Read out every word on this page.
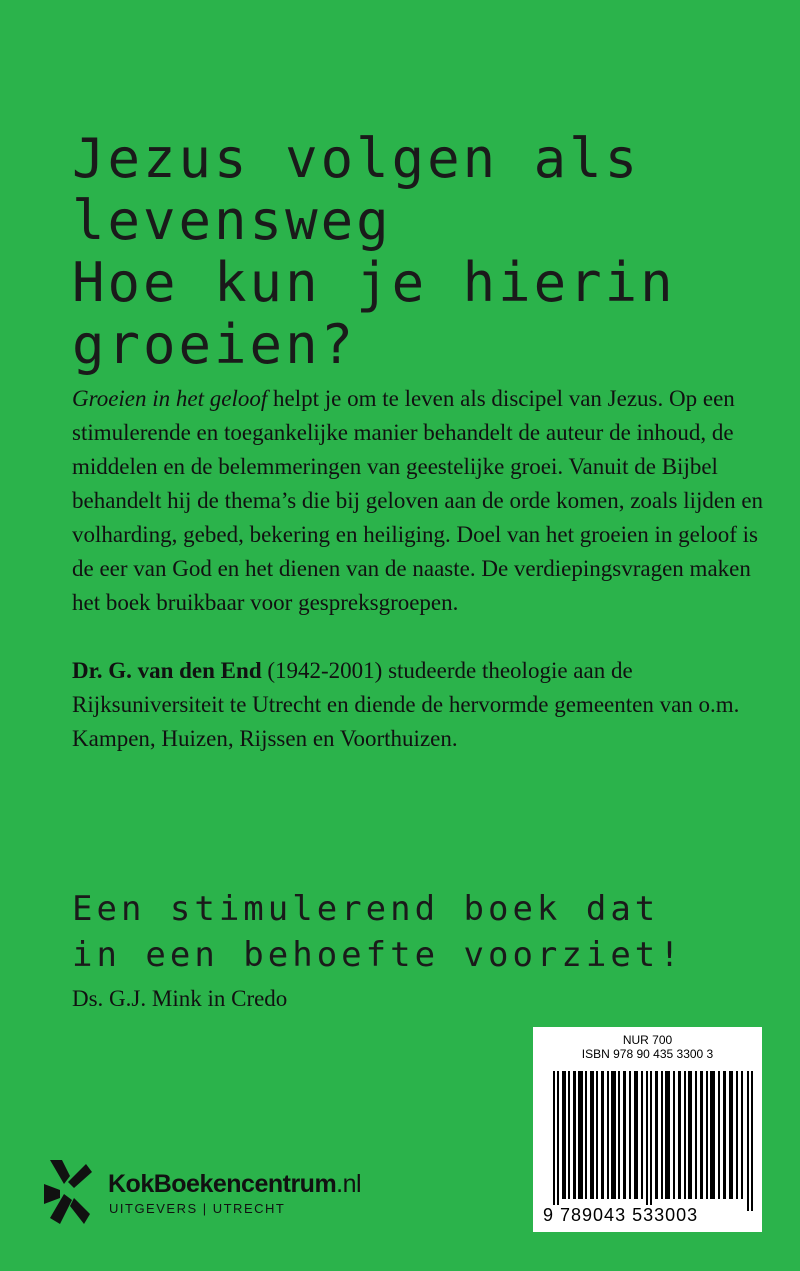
Jezus volgen als
levensweg
Hoe kun je hierin
groeien?

Groeien in het geloof helpt je om te leven als discipel van Jezus. Op een stimulerende en toegankelijke manier behandelt de auteur de inhoud, de middelen en de belemmeringen van geestelijke groei. Vanuit de Bijbel behandelt hij de thema’s die bij geloven aan de orde komen, zoals lijden en volharding, gebed, bekering en heiliging. Doel van het groeien in geloof is de eer van God en het dienen van de naaste. De verdiepingsvragen maken het boek bruikbaar voor gespreksgroepen.

Dr. G. van den End (1942-2001) studeerde theologie aan de Rijksuniversiteit te Utrecht en diende de hervormde gemeenten van o.m. Kampen, Huizen, Rijssen en Voorthuizen.

Een stimulerend boek dat
in een behoefte voorziet!
Ds. G.J. Mink in Credo
NUR 700
ISBN 978 90 435 3300 3
9 789043 533003
KokBoekencentrum.nl
UITGEVERS | UTRECHT
